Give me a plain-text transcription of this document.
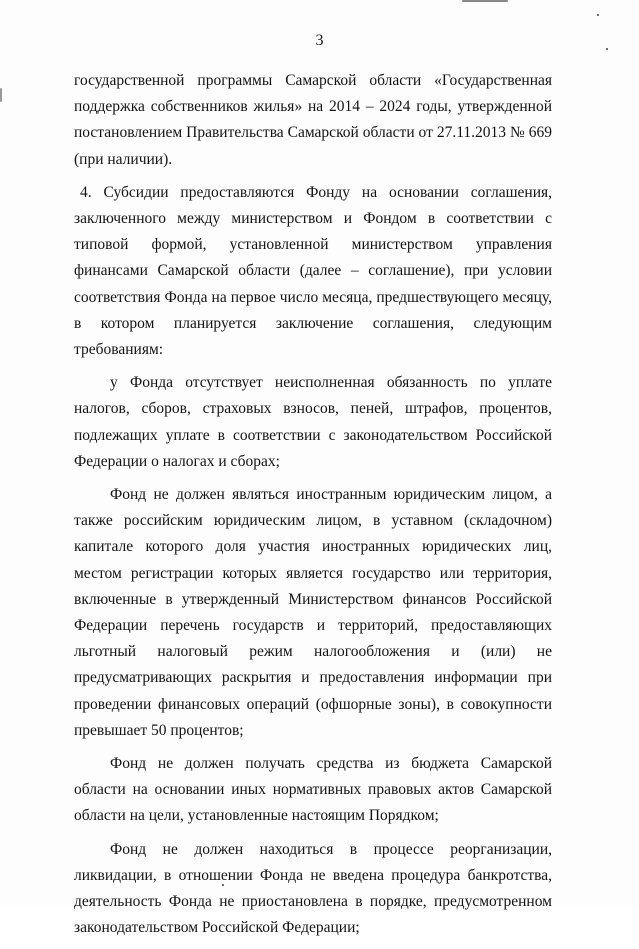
3

государственной программы Самарской области «Государственная поддержка собственников жилья» на 2014 – 2024 годы, утвержденной постановлением Правительства Самарской области от 27.11.2013 № 669 (при наличии).

4. Субсидии предоставляются Фонду на основании соглашения, заключенного между министерством и Фондом в соответствии с типовой формой, установленной министерством управления финансами Самарской области (далее – соглашение), при условии соответствия Фонда на первое число месяца, предшествующего месяцу, в котором планируется заключение соглашения, следующим требованиям:

у Фонда отсутствует неисполненная обязанность по уплате налогов, сборов, страховых взносов, пеней, штрафов, процентов, подлежащих уплате в соответствии с законодательством Российской Федерации о налогах и сборах;

Фонд не должен являться иностранным юридическим лицом, а также российским юридическим лицом, в уставном (складочном) капитале которого доля участия иностранных юридических лиц, местом регистрации которых является государство или территория, включенные в утвержденный Министерством финансов Российской Федерации перечень государств и территорий, предоставляющих льготный налоговый режим налогообложения и (или) не предусматривающих раскрытия и предоставления информации при проведении финансовых операций (офшорные зоны), в совокупности превышает 50 процентов;

Фонд не должен получать средства из бюджета Самарской области на основании иных нормативных правовых актов Самарской области на цели, установленные настоящим Порядком;

Фонд не должен находиться в процессе реорганизации, ликвидации, в отношении Фонда не введена процедура банкротства, деятельность Фонда не приостановлена в порядке, предусмотренном законодательством Российской Федерации;
